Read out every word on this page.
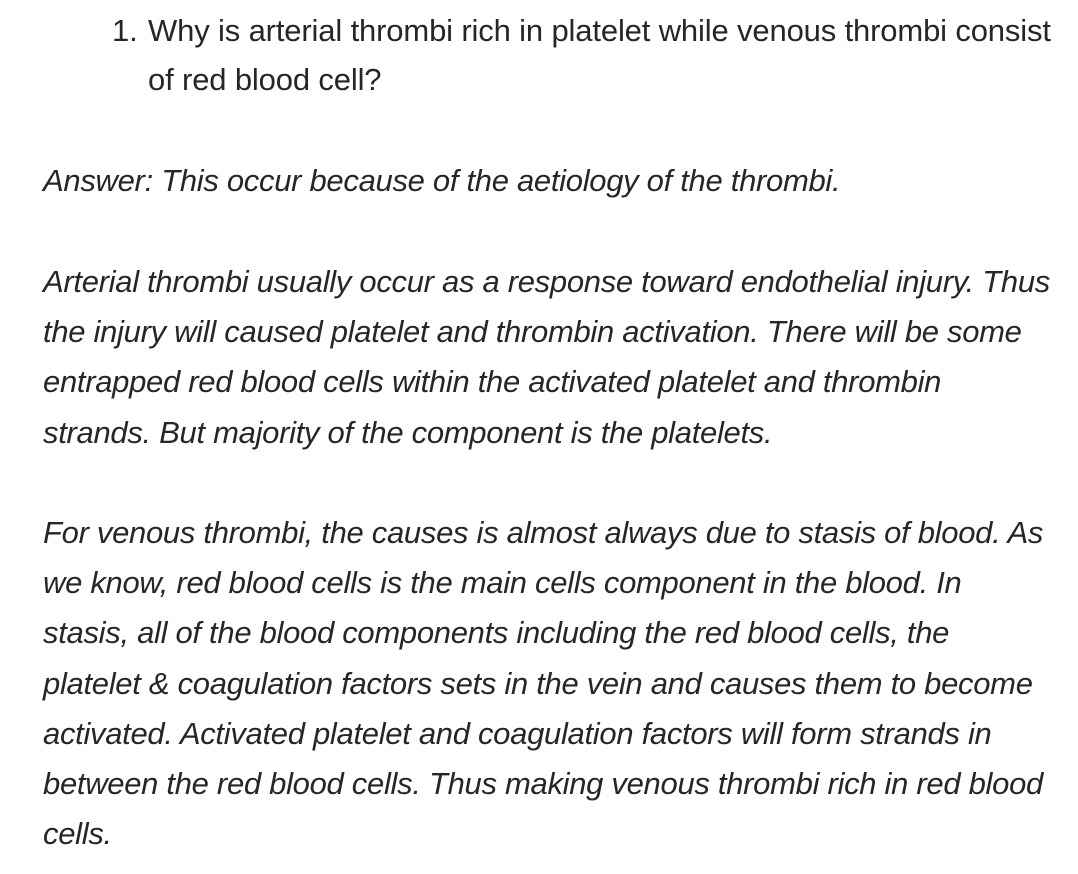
1. Why is arterial thrombi rich in platelet while venous thrombi consist of red blood cell?
Answer: This occur because of the aetiology of the thrombi.
Arterial thrombi usually occur as a response toward endothelial injury. Thus the injury will caused platelet and thrombin activation. There will be some entrapped red blood cells within the activated platelet and thrombin strands. But majority of the component is the platelets.
For venous thrombi, the causes is almost always due to stasis of blood. As we know, red blood cells is the main cells component in the blood. In stasis, all of the blood components including the red blood cells, the platelet & coagulation factors sets in the vein and causes them to become activated. Activated platelet and coagulation factors will form strands in between the red blood cells. Thus making venous thrombi rich in red blood cells.
